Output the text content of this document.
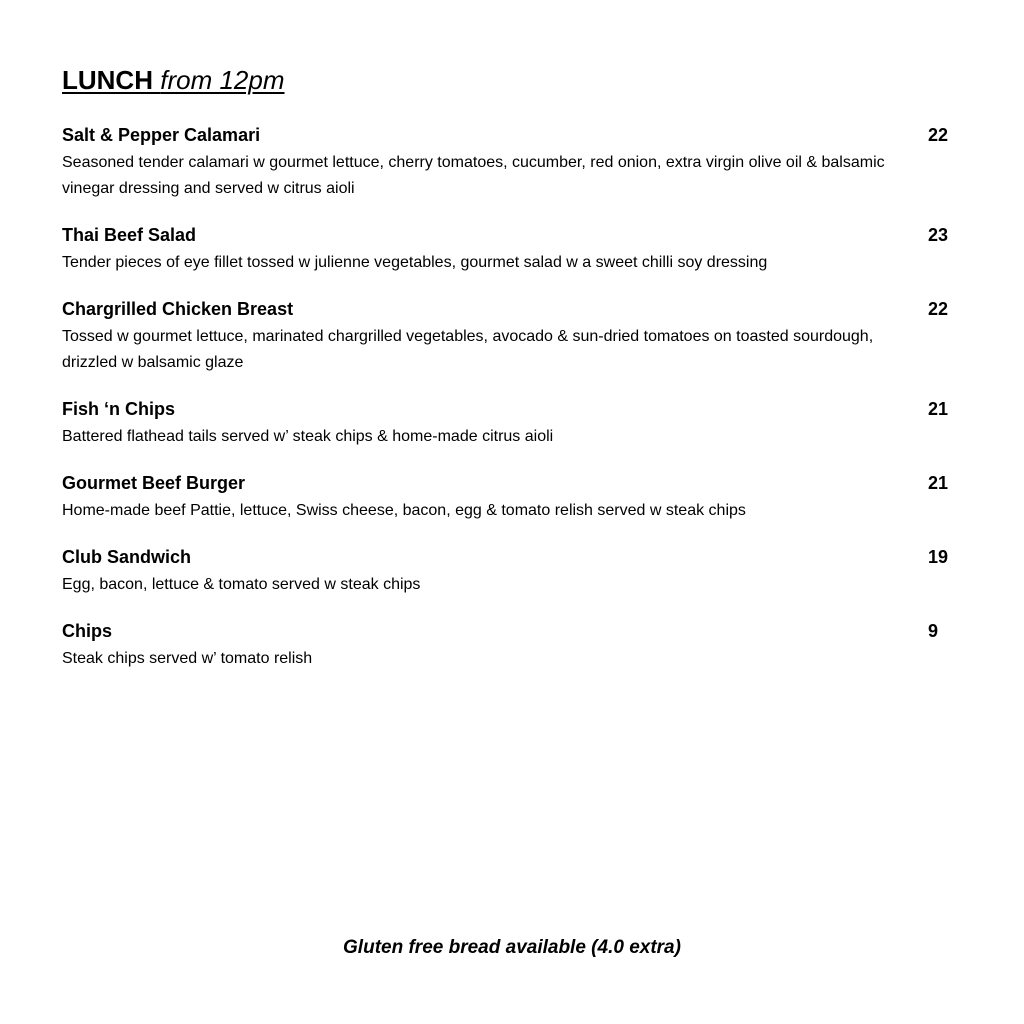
LUNCH from 12pm
Salt & Pepper Calamari	22

Seasoned tender calamari w gourmet lettuce, cherry tomatoes, cucumber, red onion, extra virgin olive oil & balsamic vinegar dressing and served w citrus aioli

Thai Beef Salad	23

Tender pieces of eye fillet tossed w julienne vegetables, gourmet salad w a sweet chilli soy dressing

Chargrilled Chicken Breast	22

Tossed w gourmet lettuce, marinated chargrilled vegetables, avocado & sun-dried tomatoes on toasted sourdough, drizzled w balsamic glaze

Fish ‘n Chips	21

Battered flathead tails served w’ steak chips & home-made citrus aioli

Gourmet Beef Burger	21

Home-made beef Pattie, lettuce, Swiss cheese, bacon, egg & tomato relish served w steak chips

Club Sandwich	19

Egg, bacon, lettuce & tomato served w steak chips

Chips	9

Steak chips served w’ tomato relish

Gluten free bread available (4.0 extra)
